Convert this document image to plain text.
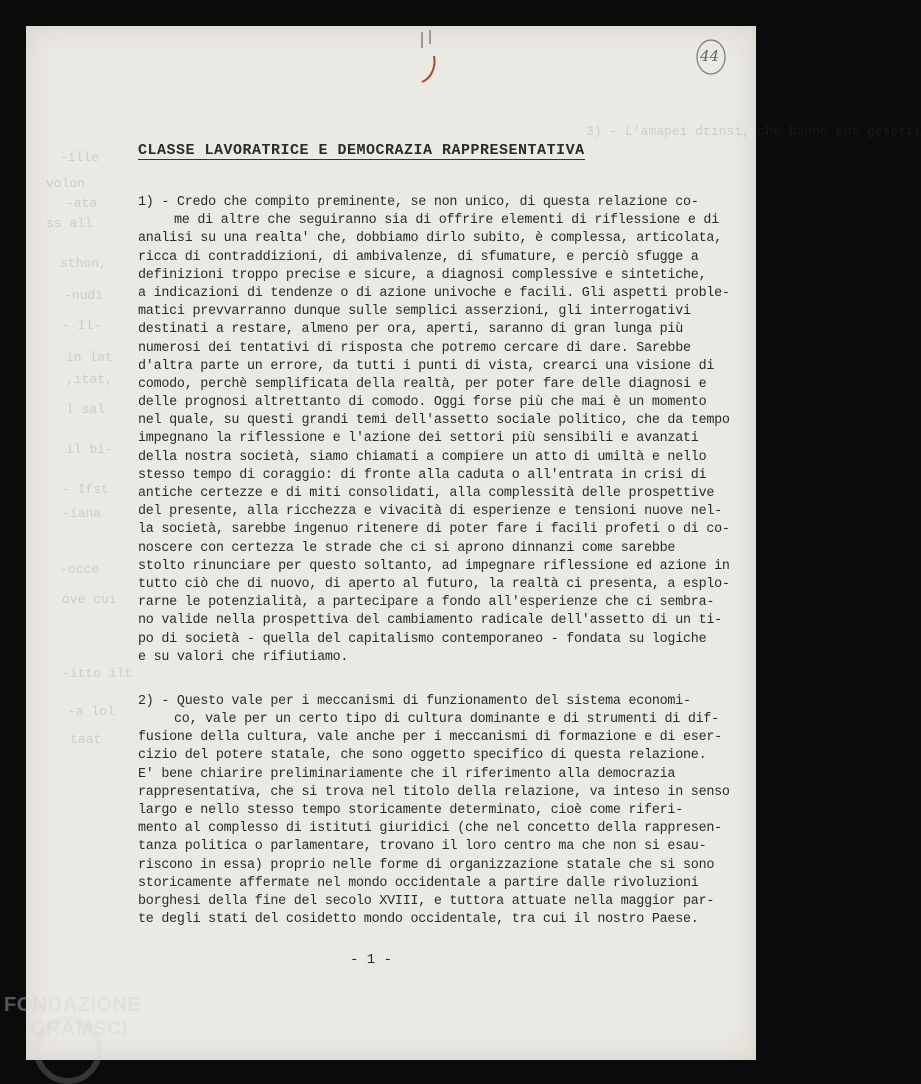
3) - L'amapei dtinsi, che hanno eut gesetti
-ille
volon
-ata
ss all
sthon,
-nudi
- Il-
in lat
,itat,
l sal
il bi-
- Ifst
-iana
-occe
ove cui
-itto ilt
-a lol
taat
44
CLASSE LAVORATRICE E DEMOCRAZIA RAPPRESENTATIVA
1) - Credo che compito preminente, se non unico, di questa relazione co-
me di altre che seguiranno sia di offrire elementi di riflessione e di
analisi su una realta' che, dobbiamo dirlo subito, è complessa, articolata,
ricca di contraddizioni, di ambivalenze, di sfumature, e perciò sfugge a
definizioni troppo precise e sicure, a diagnosi complessive e sintetiche,
a indicazioni di tendenze o di azione univoche e facili. Gli aspetti proble-
matici prevvarranno dunque sulle semplici asserzioni, gli interrogativi
destinati a restare, almeno per ora, aperti, saranno di gran lunga più
numerosi dei tentativi di risposta che potremo cercare di dare. Sarebbe
d'altra parte un errore, da tutti i punti di vista, crearci una visione di
comodo, perchè semplificata della realtà, per poter fare delle diagnosi e
delle prognosi altrettanto di comodo. Oggi forse più che mai è un momento
nel quale, su questi grandi temi dell'assetto sociale politico, che da tempo
impegnano la riflessione e l'azione dei settori più sensibili e avanzati
della nostra società, siamo chiamati a compiere un atto di umiltà e nello
stesso tempo di coraggio: di fronte alla caduta o all'entrata in crisi di
antiche certezze e di miti consolidati, alla complessità delle prospettive
del presente, alla ricchezza e vivacità di esperienze e tensioni nuove nel-
la società, sarebbe ingenuo ritenere di poter fare i facili profeti o di co-
noscere con certezza le strade che ci si aprono dinnanzi come sarebbe
stolto rinunciare per questo soltanto, ad impegnare riflessione ed azione in
tutto ciò che di nuovo, di aperto al futuro, la realtà ci presenta, a esplo-
rarne le potenzialità, a partecipare a fondo all'esperienze che ci sembra-
no valide nella prospettiva del cambiamento radicale dell'assetto di un ti-
po di società - quella del capitalismo contemporaneo - fondata su logiche
e su valori che rifiutiamo.
2) - Questo vale per i meccanismi di funzionamento del sistema economi-
co, vale per un certo tipo di cultura dominante e di strumenti di dif-
fusione della cultura, vale anche per i meccanismi di formazione e di eser-
cizio del potere statale, che sono oggetto specifico di questa relazione.
E' bene chiarire preliminariamente che il riferimento alla democrazia
rappresentativa, che si trova nel titolo della relazione, va inteso in senso
largo e nello stesso tempo storicamente determinato, cioè come riferi-
mento al complesso di istituti giuridici (che nel concetto della rappresen-
tanza politica o parlamentare, trovano il loro centro ma che non si esau-
riscono in essa) proprio nelle forme di organizzazione statale che si sono
storicamente affermate nel mondo occidentale a partire dalle rivoluzioni
borghesi della fine del secolo XVIII, e tuttora attuate nella maggior par-
te degli stati del cosidetto mondo occidentale, tra cui il nostro Paese.
- 1 -
FONDAZIONE
GRAMSCI
onlus
